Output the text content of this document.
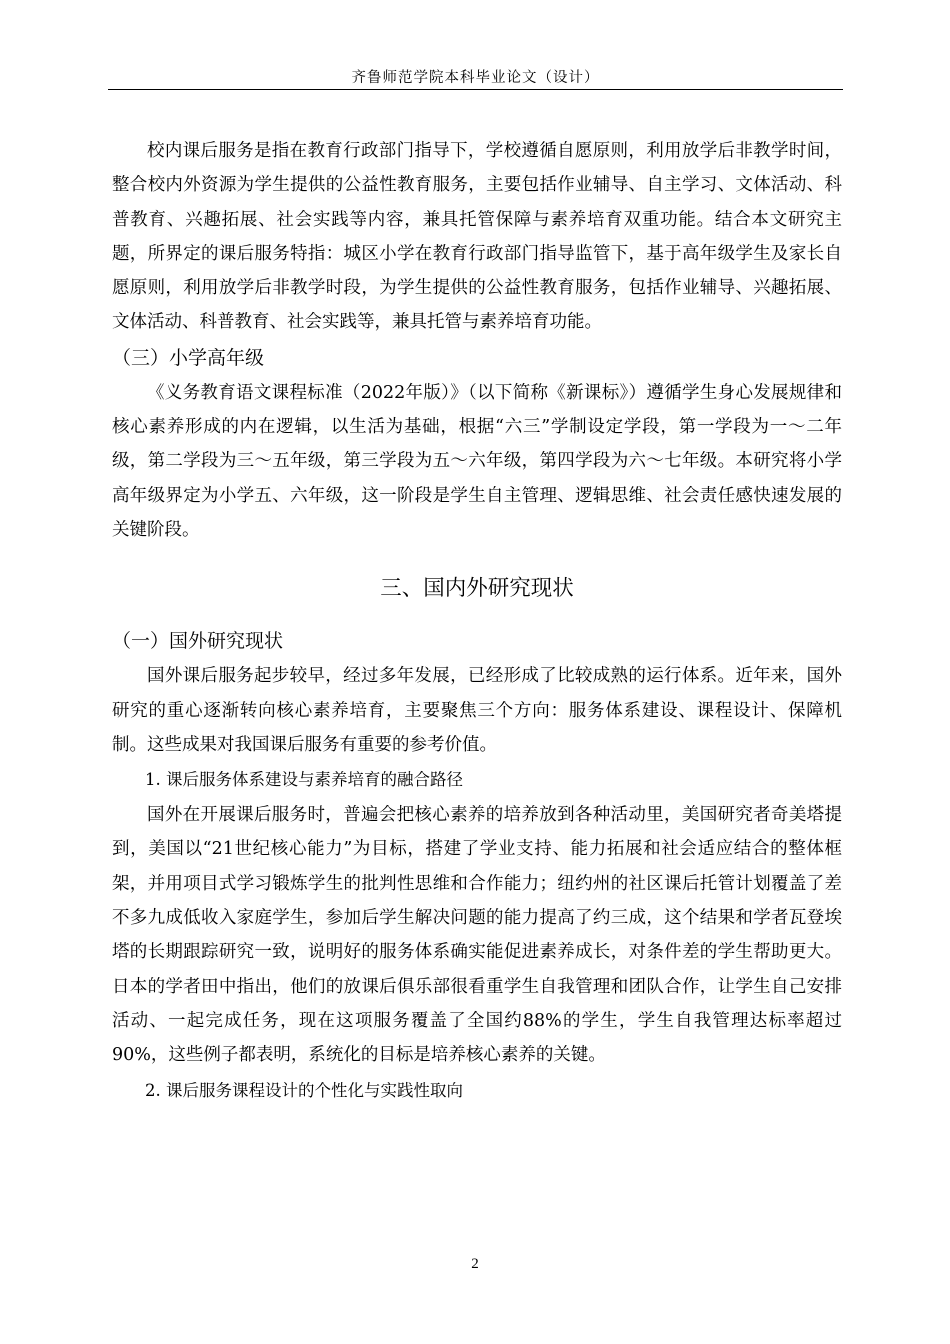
齐鲁师范学院本科毕业论文（设计）

校内课后服务是指在教育行政部门指导下，学校遵循自愿原则，利用放学后非教学时间，整合校内外资源为学生提供的公益性教育服务，主要包括作业辅导、自主学习、文体活动、科普教育、兴趣拓展、社会实践等内容，兼具托管保障与素养培育双重功能。结合本文研究主题，所界定的课后服务特指：城区小学在教育行政部门指导监管下，基于高年级学生及家长自愿原则，利用放学后非教学时段，为学生提供的公益性教育服务，包括作业辅导、兴趣拓展、文体活动、科普教育、社会实践等，兼具托管与素养培育功能。

（三）小学高年级

《义务教育语文课程标准（2022年版）》（以下简称《新课标》）遵循学生身心发展规律和核心素养形成的内在逻辑，以生活为基础，根据“六三”学制设定学段，第一学段为一～二年级，第二学段为三～五年级，第三学段为五～六年级，第四学段为六～七年级。本研究将小学高年级界定为小学五、六年级，这一阶段是学生自主管理、逻辑思维、社会责任感快速发展的关键阶段。

三、国内外研究现状

（一）国外研究现状

国外课后服务起步较早，经过多年发展，已经形成了比较成熟的运行体系。近年来，国外研究的重心逐渐转向核心素养培育，主要聚焦三个方向：服务体系建设、课程设计、保障机制。这些成果对我国课后服务有重要的参考价值。

1. 课后服务体系建设与素养培育的融合路径

国外在开展课后服务时，普遍会把核心素养的培养放到各种活动里，美国研究者奇美塔提到，美国以“21世纪核心能力”为目标，搭建了学业支持、能力拓展和社会适应结合的整体框架，并用项目式学习锻炼学生的批判性思维和合作能力；纽约州的社区课后托管计划覆盖了差不多九成低收入家庭学生，参加后学生解决问题的能力提高了约三成，这个结果和学者瓦登埃塔的长期跟踪研究一致，说明好的服务体系确实能促进素养成长，对条件差的学生帮助更大。日本的学者田中指出，他们的放课后俱乐部很看重学生自我管理和团队合作，让学生自己安排活动、一起完成任务，现在这项服务覆盖了全国约88%的学生，学生自我管理达标率超过90%，这些例子都表明，系统化的目标是培养核心素养的关键。

2. 课后服务课程设计的个性化与实践性取向

2
